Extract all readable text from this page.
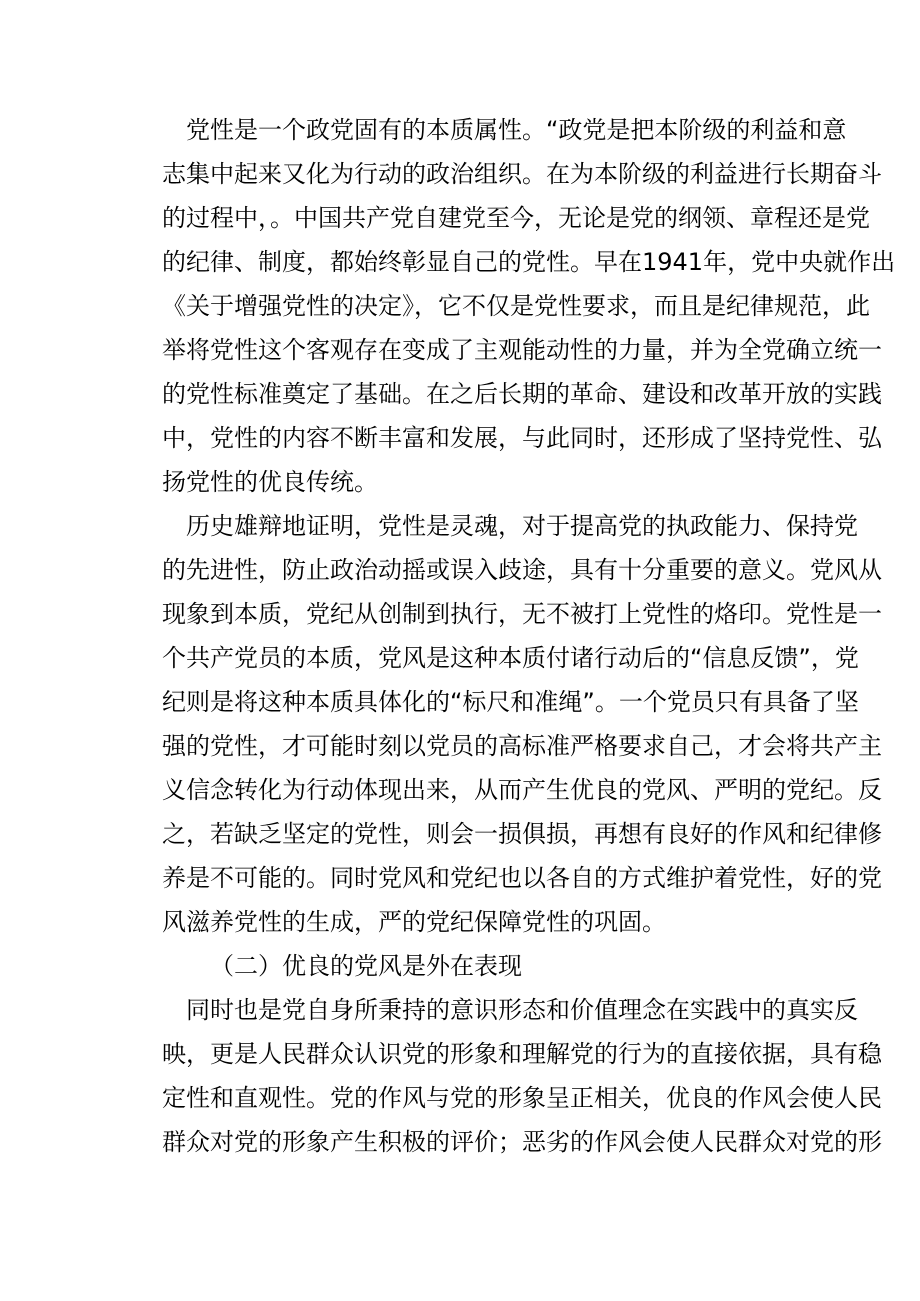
党性是一个政党固有的本质属性。“政党是把本阶级的利益和意
志集中起来又化为行动的政治组织。在为本阶级的利益进行长期奋斗
的过程中，。中国共产党自建党至今，无论是党的纲领、章程还是党
的纪律、制度，都始终彰显自己的党性。早在1941年，党中央就作出
《关于增强党性的决定》，它不仅是党性要求，而且是纪律规范，此
举将党性这个客观存在变成了主观能动性的力量，并为全党确立统一
的党性标准奠定了基础。在之后长期的革命、建设和改革开放的实践
中，党性的内容不断丰富和发展，与此同时，还形成了坚持党性、弘
扬党性的优良传统。
历史雄辩地证明，党性是灵魂，对于提高党的执政能力、保持党
的先进性，防止政治动摇或误入歧途，具有十分重要的意义。党风从
现象到本质，党纪从创制到执行，无不被打上党性的烙印。党性是一
个共产党员的本质，党风是这种本质付诸行动后的“信息反馈”，党
纪则是将这种本质具体化的“标尺和准绳”。一个党员只有具备了坚
强的党性，才可能时刻以党员的高标准严格要求自己，才会将共产主
义信念转化为行动体现出来，从而产生优良的党风、严明的党纪。反
之，若缺乏坚定的党性，则会一损俱损，再想有良好的作风和纪律修
养是不可能的。同时党风和党纪也以各自的方式维护着党性，好的党
风滋养党性的生成，严的党纪保障党性的巩固。
（二）优良的党风是外在表现
同时也是党自身所秉持的意识形态和价值理念在实践中的真实反
映，更是人民群众认识党的形象和理解党的行为的直接依据，具有稳
定性和直观性。党的作风与党的形象呈正相关，优良的作风会使人民
群众对党的形象产生积极的评价；恶劣的作风会使人民群众对党的形
